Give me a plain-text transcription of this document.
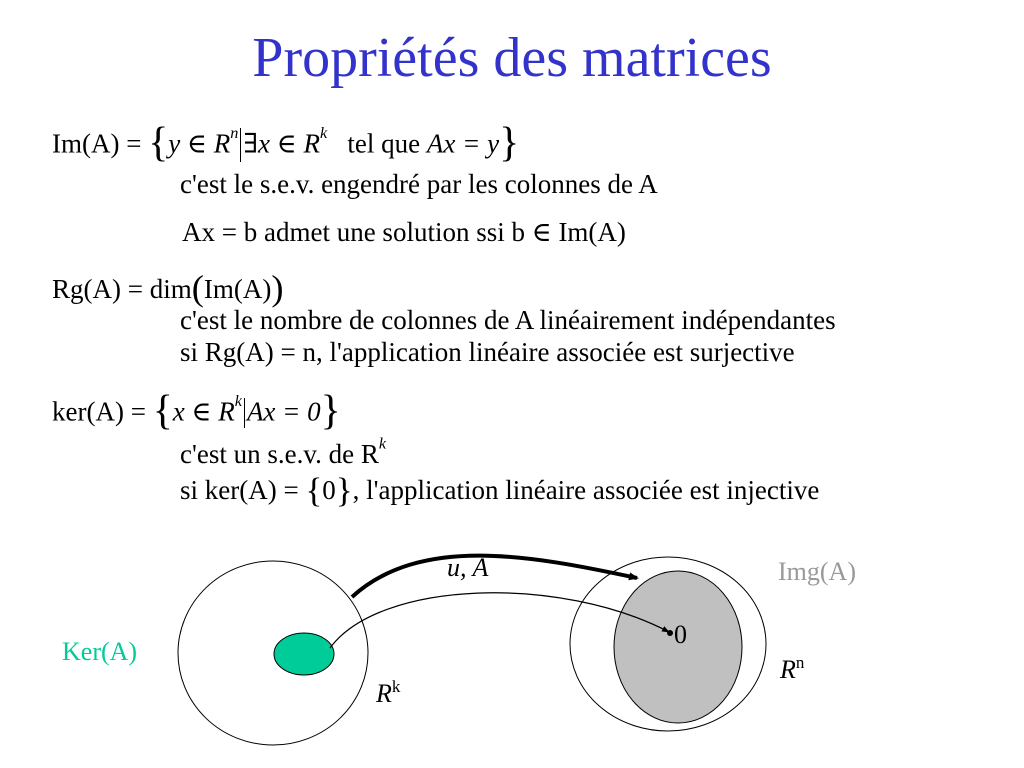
Propriétés des matrices
Im(A) = {y ∈ $R^n$ ∃x ∈ $R^k$ tel que Ax = y}
c'est le s.e.v. engendré par les colonnes de A
Ax = b admet une solution ssi b ∈ Im(A)
Rg(A) = dim(Im(A))
c'est le nombre de colonnes de A linéairement indépendantes
si Rg(A) = n, l'application linéaire associée est surjective
ker(A) = {x ∈ $R^k$ Ax = 0}
c'est un s.e.v. de $R^k$
si ker(A) = {0}, l'application linéaire associée est injective
u, A	Img(A)
Ker(A)
0
$R^n$
$R^k$
